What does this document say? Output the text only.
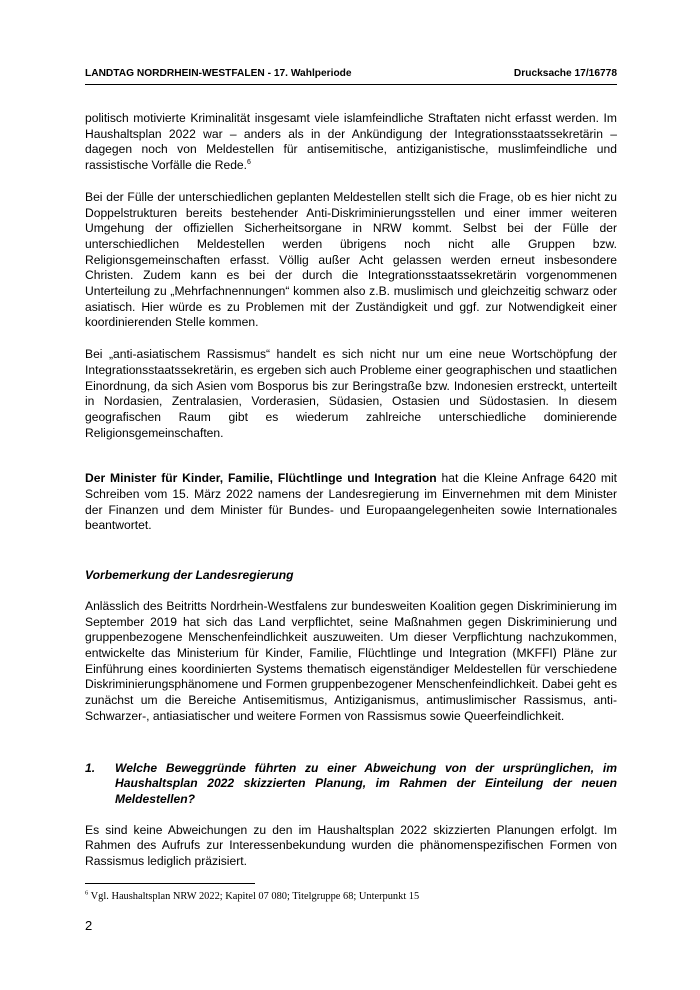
LANDTAG NORDRHEIN-WESTFALEN - 17. Wahlperiode	Drucksache 17/16778

politisch motivierte Kriminalität insgesamt viele islamfeindliche Straftaten nicht erfasst werden. Im Haushaltsplan 2022 war – anders als in der Ankündigung der Integrationsstaatssekretärin – dagegen noch von Meldestellen für antisemitische, antiziganistische, muslimfeindliche und rassistische Vorfälle die Rede.$^6$

Bei der Fülle der unterschiedlichen geplanten Meldestellen stellt sich die Frage, ob es hier nicht zu Doppelstrukturen bereits bestehender Anti-Diskriminierungsstellen und einer immer weiteren Umgehung der offiziellen Sicherheitsorgane in NRW kommt. Selbst bei der Fülle der unterschiedlichen Meldestellen werden übrigens noch nicht alle Gruppen bzw. Religionsgemeinschaften erfasst. Völlig außer Acht gelassen werden erneut insbesondere Christen. Zudem kann es bei der durch die Integrationsstaatssekretärin vorgenommenen Unterteilung zu „Mehrfachnennungen“ kommen also z.B. muslimisch und gleichzeitig schwarz oder asiatisch. Hier würde es zu Problemen mit der Zuständigkeit und ggf. zur Notwendigkeit einer koordinierenden Stelle kommen.

Bei „anti-asiatischem Rassismus“ handelt es sich nicht nur um eine neue Wortschöpfung der Integrationsstaatssekretärin, es ergeben sich auch Probleme einer geographischen und staatlichen Einordnung, da sich Asien vom Bosporus bis zur Beringstraße bzw. Indonesien erstreckt, unterteilt in Nordasien, Zentralasien, Vorderasien, Südasien, Ostasien und Südostasien. In diesem geografischen Raum gibt es wiederum zahlreiche unterschiedliche dominierende Religionsgemeinschaften.

Der Minister für Kinder, Familie, Flüchtlinge und Integration hat die Kleine Anfrage 6420 mit Schreiben vom 15. März 2022 namens der Landesregierung im Einvernehmen mit dem Minister der Finanzen und dem Minister für Bundes- und Europaangelegenheiten sowie Internationales beantwortet.

Vorbemerkung der Landesregierung

Anlässlich des Beitritts Nordrhein-Westfalens zur bundesweiten Koalition gegen Diskriminierung im September 2019 hat sich das Land verpflichtet, seine Maßnahmen gegen Diskriminierung und gruppenbezogene Menschenfeindlichkeit auszuweiten. Um dieser Verpflichtung nachzukommen, entwickelte das Ministerium für Kinder, Familie, Flüchtlinge und Integration (MKFFI) Pläne zur Einführung eines koordinierten Systems thematisch eigenständiger Meldestellen für verschiedene Diskriminierungsphänomene und Formen gruppenbezogener Menschenfeindlichkeit. Dabei geht es zunächst um die Bereiche Antisemitismus, Antiziganismus, antimuslimischer Rassismus, anti-Schwarzer-, antiasiatischer und weitere Formen von Rassismus sowie Queerfeindlichkeit.

1.	Welche Beweggründe führten zu einer Abweichung von der ursprünglichen, im Haushaltsplan 2022 skizzierten Planung, im Rahmen der Einteilung der neuen Meldestellen?

Es sind keine Abweichungen zu den im Haushaltsplan 2022 skizzierten Planungen erfolgt. Im Rahmen des Aufrufs zur Interessenbekundung wurden die phänomenspezifischen Formen von Rassismus lediglich präzisiert.

$^6$ Vgl. Haushaltsplan NRW 2022; Kapitel 07 080; Titelgruppe 68; Unterpunkt 15
2
